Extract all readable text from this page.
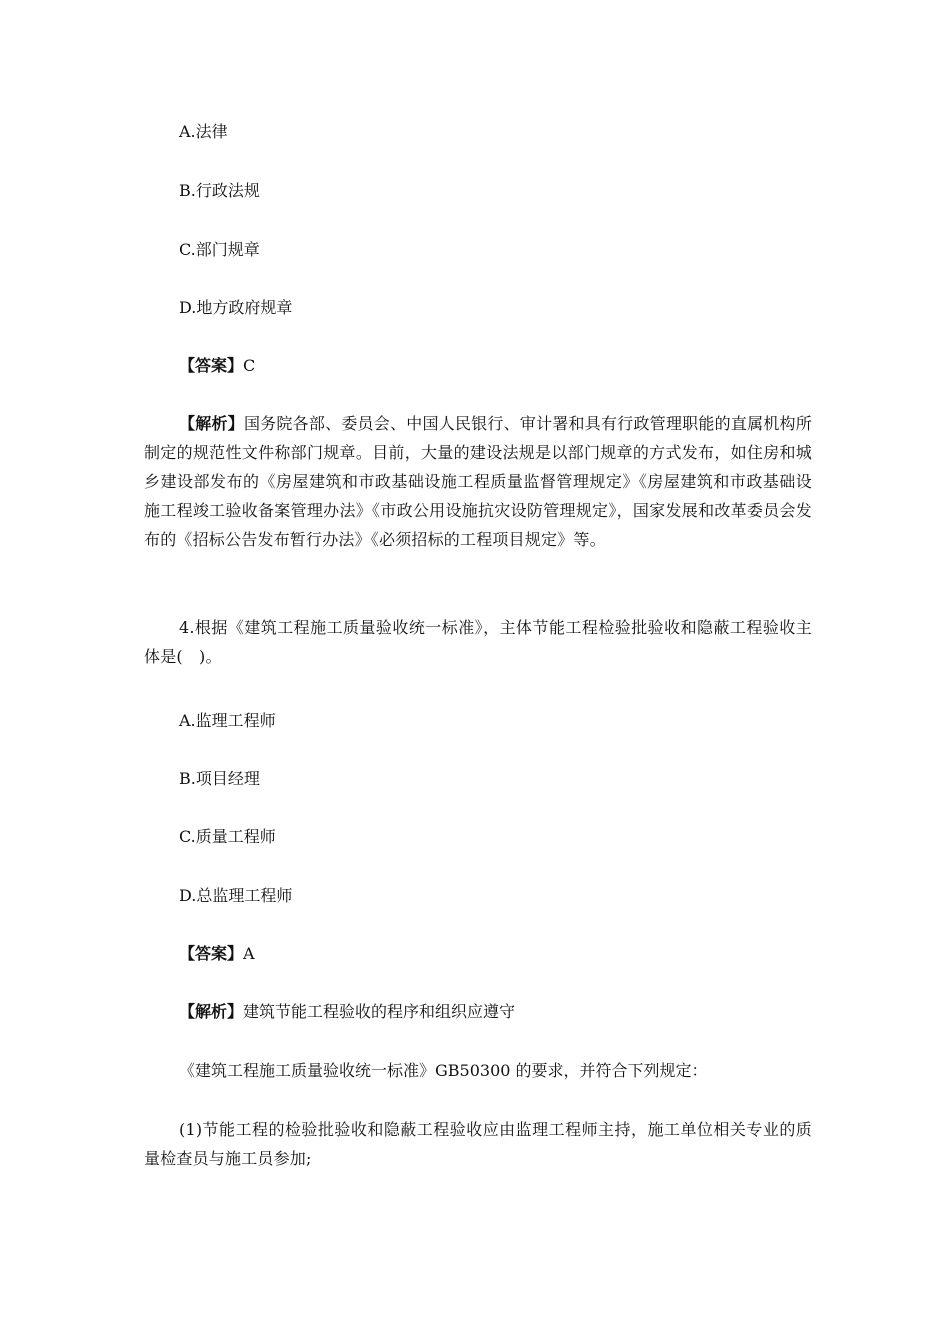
A.法律
B.行政法规
C.部门规章
D.地方政府规章
【答案】C
【解析】国务院各部、委员会、中国人民银行、审计署和具有行政管理职能的直属机构所制定的规范性文件称部门规章。目前，大量的建设法规是以部门规章的方式发布，如住房和城乡建设部发布的《房屋建筑和市政基础设施工程质量监督管理规定》《房屋建筑和市政基础设施工程竣工验收备案管理办法》《市政公用设施抗灾设防管理规定》，国家发展和改革委员会发布的《招标公告发布暂行办法》《必须招标的工程项目规定》等。
4.根据《建筑工程施工质量验收统一标准》，主体节能工程检验批验收和隐蔽工程验收主体是(　)。
A.监理工程师
B.项目经理
C.质量工程师
D.总监理工程师
【答案】A
【解析】建筑节能工程验收的程序和组织应遵守
《建筑工程施工质量验收统一标准》GB50300 的要求，并符合下列规定：
(1)节能工程的检验批验收和隐蔽工程验收应由监理工程师主持，施工单位相关专业的质量检查员与施工员参加;
